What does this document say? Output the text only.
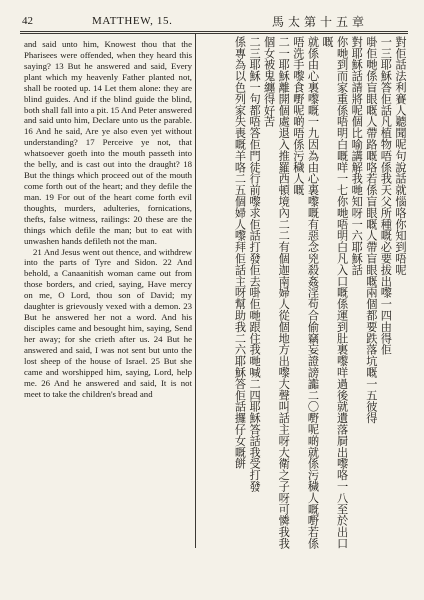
42	MATTHEW, 15.	馬太第十五章

and said unto him, Knowest thou that the Pharisees were offended, when they heard this saying? 13 But he answered and said, Every plant which my heavenly Father planted not, shall be rooted up. 14 Let them alone: they are blind guides. And if the blind guide the blind, both shall fall into a pit. 15 And Peter answered and said unto him, Declare unto us the parable. 16 And he said, Are ye also even yet without understanding? 17 Perceive ye not, that whatsoever goeth into the mouth passeth into the belly, and is cast out into the draught? 18 But the things which proceed out of the mouth come forth out of the heart; and they defile the man. 19 For out of the heart come forth evil thoughts, murders, adulteries, fornications, thefts, false witness, railings: 20 these are the things which defile the man; but to eat with unwashen hands defileth not the man.
21 And Jesus went out thence, and withdrew into the parts of Tyre and Sidon. 22 And behold, a Canaanitish woman came out from those borders, and cried, saying, Have mercy on me, O Lord, thou son of David; my daughter is grievously vexed with a demon. 23 But he answered her not a word. And his disciples came and besought him, saying, Send her away; for she crieth after us. 24 But he answered and said, I was not sent but unto the lost sheep of the house of Israel. 25 But she came and worshipped him, saying, Lord, help me. 26 And he answered and said, It is not meet to take the children's bread and

對佢話法利賽人聽聞呢句說話就惱咯你知到唔呢
一三耶穌答佢話凡植物唔係我天父所種嘅必要拔出嚟一四由得佢
啩佢哋係盲眼嘅人帶路嘅咯若係盲眼嘅人帶盲眼嘅兩個都要跌落坑嘅一五彼得
對耶穌話請將呢個比喻講解我哋知呀一六耶穌話
你哋到而家重係唔明白嘅咩一七你哋唔明白凡入口嘅係運到肚裏嚟咩過後就遺落屙出嚟咯一八至於出口嘅
就係由心裏嚟嘅一九因為由心裏嚟嘅有惡念兇殺姦淫苟合偷竊妄證謗讟二〇嘢呢啲就係污穢人嘅嘢若係唔洗手嚟食嘢呢啲唔係污穢人嘅
二一耶穌離開個處退入推羅西頓境內二二有個迦南婦人從個地方出嚟大聲叫話主呀大衛之子呀可憐我我個女被鬼纏得好苦
二三耶穌一句都唔答佢門徒行前嚟求佢話打發佢去啩佢哋跟住我哋喊二四耶穌答話我受打發
係專為以色列家失喪嘅羊咯二五個婦人嚟拜佢話主呀幫助我二六耶穌答佢話攞仔女嘅餅
